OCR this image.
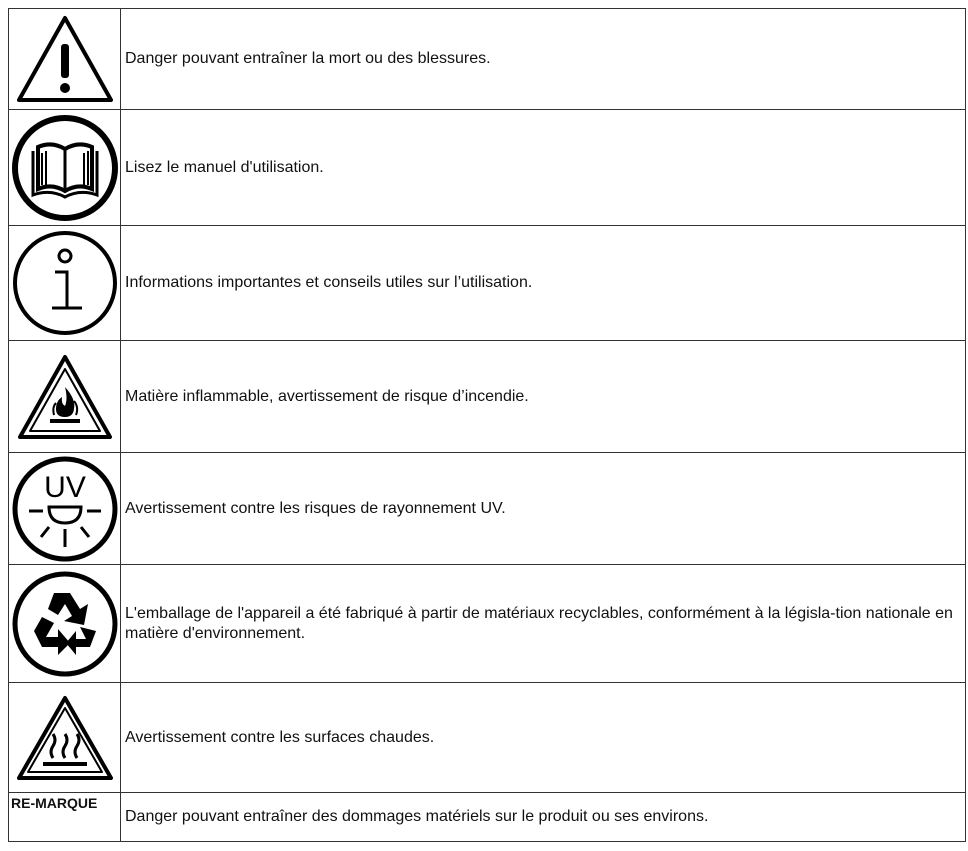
Danger pouvant entraîner la mort ou des blessures.
Lisez le manuel d'utilisation.
Informations importantes et conseils utiles sur l’utilisation.
Matière inflammable, avertissement de risque d’incendie.
UV
Avertissement contre les risques de rayonnement UV.
L'emballage de l'appareil a été fabriqué à partir de matériaux recyclables, conformément à la législa-tion nationale en matière d'environnement.
Avertissement contre les surfaces chaudes.
RE-MARQUE
Danger pouvant entraîner des dommages matériels sur le produit ou ses environs.
